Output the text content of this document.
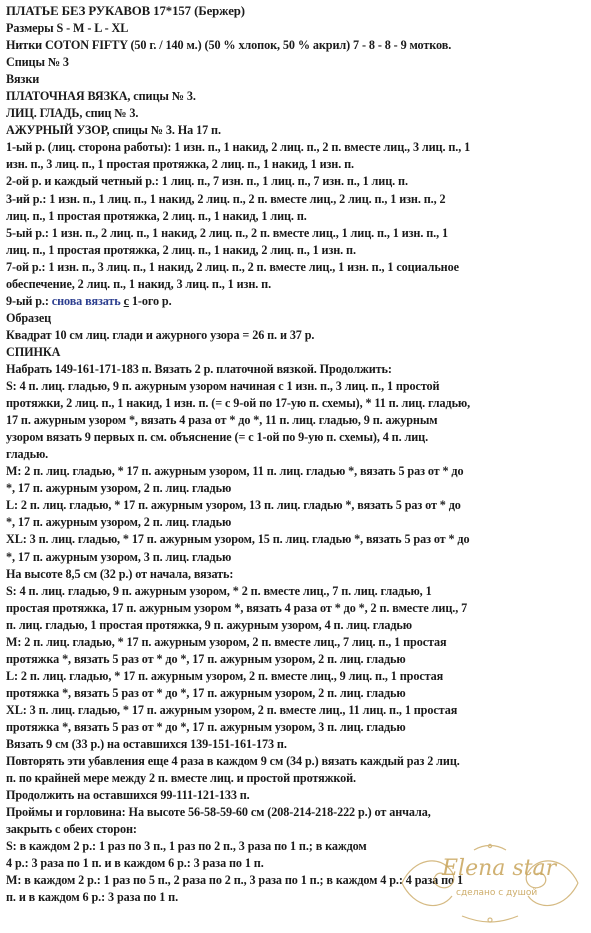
ПЛАТЬЕ БЕЗ РУКАВОВ 17*157 (Бержер)
Размеры S - M - L - XL
Нитки COTON FIFTY (50 г. / 140 м.) (50 % хлопок, 50 % акрил) 7 - 8 - 8 - 9 мотков.
Спицы № 3
Вязки
ПЛАТОЧНАЯ ВЯЗКА, спицы № 3.
ЛИЦ. ГЛАДЬ, спиц № 3.
АЖУРНЫЙ УЗОР, спицы № 3. На 17 п.
1-ый р. (лиц. сторона работы): 1 изн. п., 1 накид, 2 лиц. п., 2 п. вместе лиц., 3 лиц. п., 1
изн. п., 3 лиц. п., 1 простая протяжка, 2 лиц. п., 1 накид, 1 изн. п.
2-ой р. и каждый четный р.: 1 лиц. п., 7 изн. п., 1 лиц. п., 7 изн. п., 1 лиц. п.
3-ий р.: 1 изн. п., 1 лиц. п., 1 накид, 2 лиц. п., 2 п. вместе лиц., 2 лиц. п., 1 изн. п., 2
лиц. п., 1 простая протяжка, 2 лиц. п., 1 накид, 1 лиц. п.
5-ый р.: 1 изн. п., 2 лиц. п., 1 накид, 2 лиц. п., 2 п. вместе лиц., 1 лиц. п., 1 изн. п., 1
лиц. п., 1 простая протяжка, 2 лиц. п., 1 накид, 2 лиц. п., 1 изн. п.
7-ой р.: 1 изн. п., 3 лиц. п., 1 накид, 2 лиц. п., 2 п. вместе лиц., 1 изн. п., 1 социальное
обеспечение, 2 лиц. п., 1 накид, 3 лиц. п., 1 изн. п.
9-ый р.: снова вязать с 1-ого р.
Образец
Квадрат 10 см лиц. глади и ажурного узора = 26 п. и 37 р.
СПИНКА
Набрать 149-161-171-183 п. Вязать 2 р. платочной вязкой. Продолжить:
S: 4 п. лиц. гладью, 9 п. ажурным узором начиная с 1 изн. п., 3 лиц. п., 1 простой
протяжки, 2 лиц. п., 1 накид, 1 изн. п. (= с 9-ой по 17-ую п. схемы), * 11 п. лиц. гладью,
17 п. ажурным узором *, вязать 4 раза от * до *, 11 п. лиц. гладью, 9 п. ажурным
узором вязать 9 первых п. см. объяснение (= с 1-ой по 9-ую п. схемы), 4 п. лиц.
гладью.
M: 2 п. лиц. гладью, * 17 п. ажурным узором, 11 п. лиц. гладью *, вязать 5 раз от * до
*, 17 п. ажурным узором, 2 п. лиц. гладью
L: 2 п. лиц. гладью, * 17 п. ажурным узором, 13 п. лиц. гладью *, вязать 5 раз от * до
*, 17 п. ажурным узором, 2 п. лиц. гладью
XL: 3 п. лиц. гладью, * 17 п. ажурным узором, 15 п. лиц. гладью *, вязать 5 раз от * до
*, 17 п. ажурным узором, 3 п. лиц. гладью
На высоте 8,5 см (32 р.) от начала, вязать:
S: 4 п. лиц. гладью, 9 п. ажурным узором, * 2 п. вместе лиц., 7 п. лиц. гладью, 1
простая протяжка, 17 п. ажурным узором *, вязать 4 раза от * до *, 2 п. вместе лиц., 7
п. лиц. гладью, 1 простая протяжка, 9 п. ажурным узором, 4 п. лиц. гладью
M: 2 п. лиц. гладью, * 17 п. ажурным узором, 2 п. вместе лиц., 7 лиц. п., 1 простая
протяжка *, вязать 5 раз от * до *, 17 п. ажурным узором, 2 п. лиц. гладью
L: 2 п. лиц. гладью, * 17 п. ажурным узором, 2 п. вместе лиц., 9 лиц. п., 1 простая
протяжка *, вязать 5 раз от * до *, 17 п. ажурным узором, 2 п. лиц. гладью
XL: 3 п. лиц. гладью, * 17 п. ажурным узором, 2 п. вместе лиц., 11 лиц. п., 1 простая
протяжка *, вязать 5 раз от * до *, 17 п. ажурным узором, 3 п. лиц. гладью
Вязать 9 см (33 р.) на оставшихся 139-151-161-173 п.
Повторять эти убавления еще 4 раза в каждом 9 см (34 р.) вязать каждый раз 2 лиц.
п. по крайней мере между 2 п. вместе лиц. и простой протяжкой.
Продолжить на оставшихся 99-111-121-133 п.
Проймы и горловина: На высоте 56-58-59-60 см (208-214-218-222 р.) от анчала,
закрыть с обеих сторон:
S: в каждом 2 р.: 1 раз по 3 п., 1 раз по 2 п., 3 раза по 1 п.; в каждом
4 р.: 3 раза по 1 п. и в каждом 6 р.: 3 раза по 1 п.
M: в каждом 2 р.: 1 раз по 5 п., 2 раза по 2 п., 3 раза по 1 п.; в каждом 4 р.: 4 раза по 1
п. и в каждом 6 р.: 3 раза по 1 п.
Elena star
сделано с душой
